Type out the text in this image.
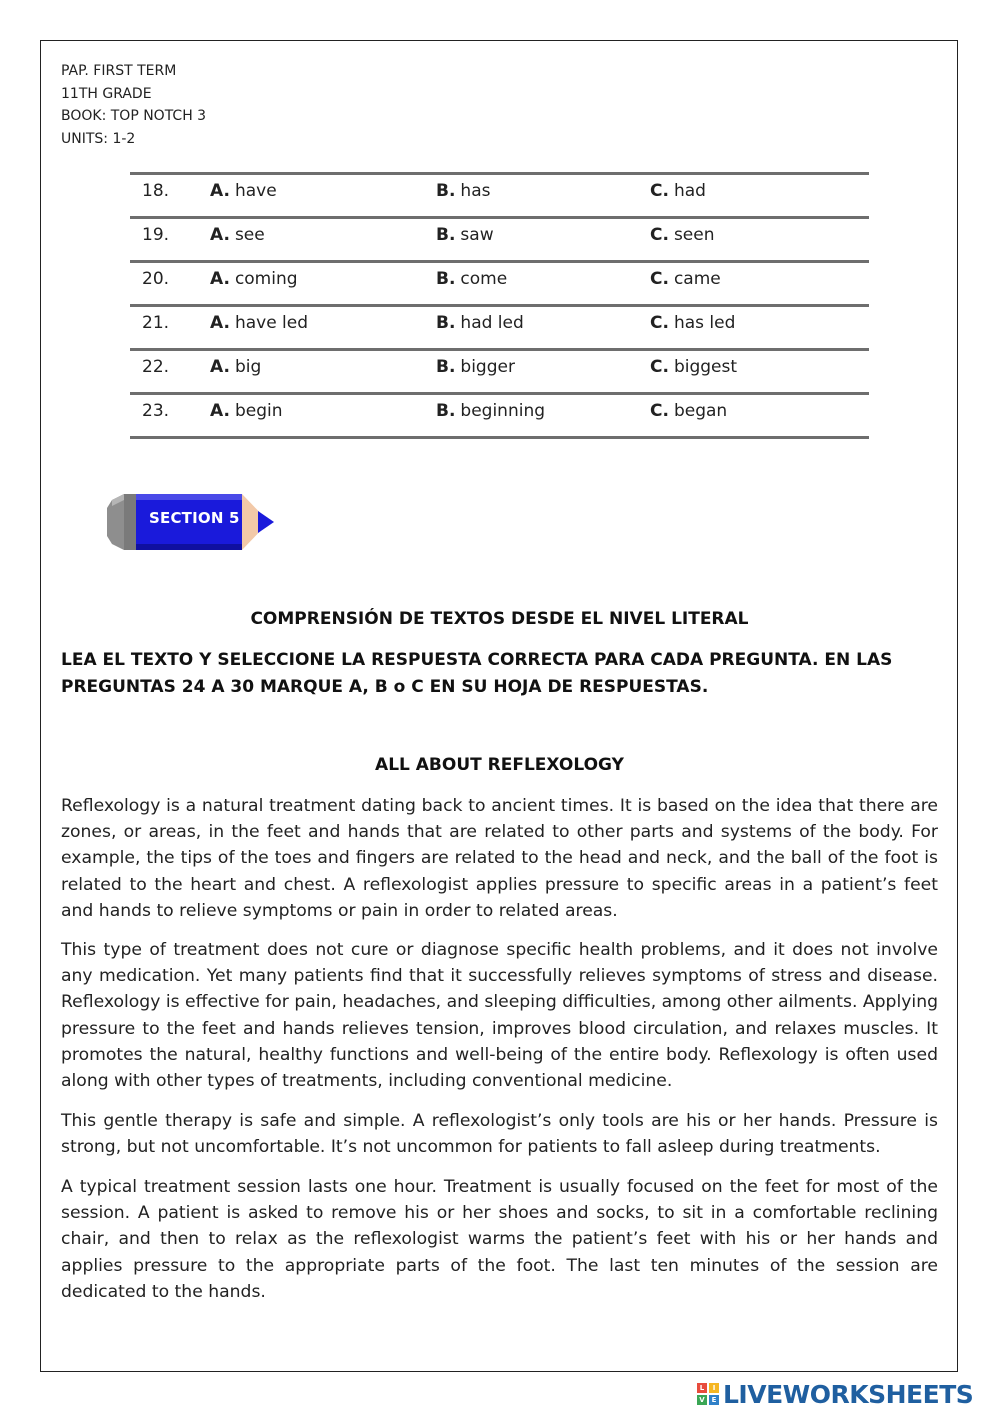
PAP. FIRST TERM
11TH GRADE
BOOK: TOP NOTCH 3
UNITS: 1-2
18. A. have	B. has	C. had
19. A. see	B. saw	C. seen
20. A. coming	B. come	C. came
21. A. have led	B. had led	C. has led
22. A. big	B. bigger	C. biggest
23. A. begin	B. beginning	C. began
SECTION 5
COMPRENSIÓN DE TEXTOS DESDE EL NIVEL LITERAL
LEA EL TEXTO Y SELECCIONE LA RESPUESTA CORRECTA PARA CADA PREGUNTA. EN LAS PREGUNTAS 24 A 30 MARQUE A, B o C EN SU HOJA DE RESPUESTAS.
ALL ABOUT REFLEXOLOGY

Reflexology is a natural treatment dating back to ancient times. It is based on the idea that there are zones, or areas, in the feet and hands that are related to other parts and systems of the body. For example, the tips of the toes and fingers are related to the head and neck, and the ball of the foot is related to the heart and chest. A reflexologist applies pressure to specific areas in a patient’s feet and hands to relieve symptoms or pain in order to related areas.

This type of treatment does not cure or diagnose specific health problems, and it does not involve any medication. Yet many patients find that it successfully relieves symptoms of stress and disease. Reflexology is effective for pain, headaches, and sleeping difficulties, among other ailments. Applying pressure to the feet and hands relieves tension, improves blood circulation, and relaxes muscles. It promotes the natural, healthy functions and well-being of the entire body. Reflexology is often used along with other types of treatments, including conventional medicine.

This gentle therapy is safe and simple. A reflexologist’s only tools are his or her hands. Pressure is strong, but not uncomfortable. It’s not uncommon for patients to fall asleep during treatments.

A typical treatment session lasts one hour. Treatment is usually focused on the feet for most of the session. A patient is asked to remove his or her shoes and socks, to sit in a comfortable reclining chair, and then to relax as the reflexologist warms the patient’s feet with his or her hands and applies pressure to the appropriate parts of the foot. The last ten minutes of the session are dedicated to the hands.

L	I
V E LIVEWORKSHEETS
